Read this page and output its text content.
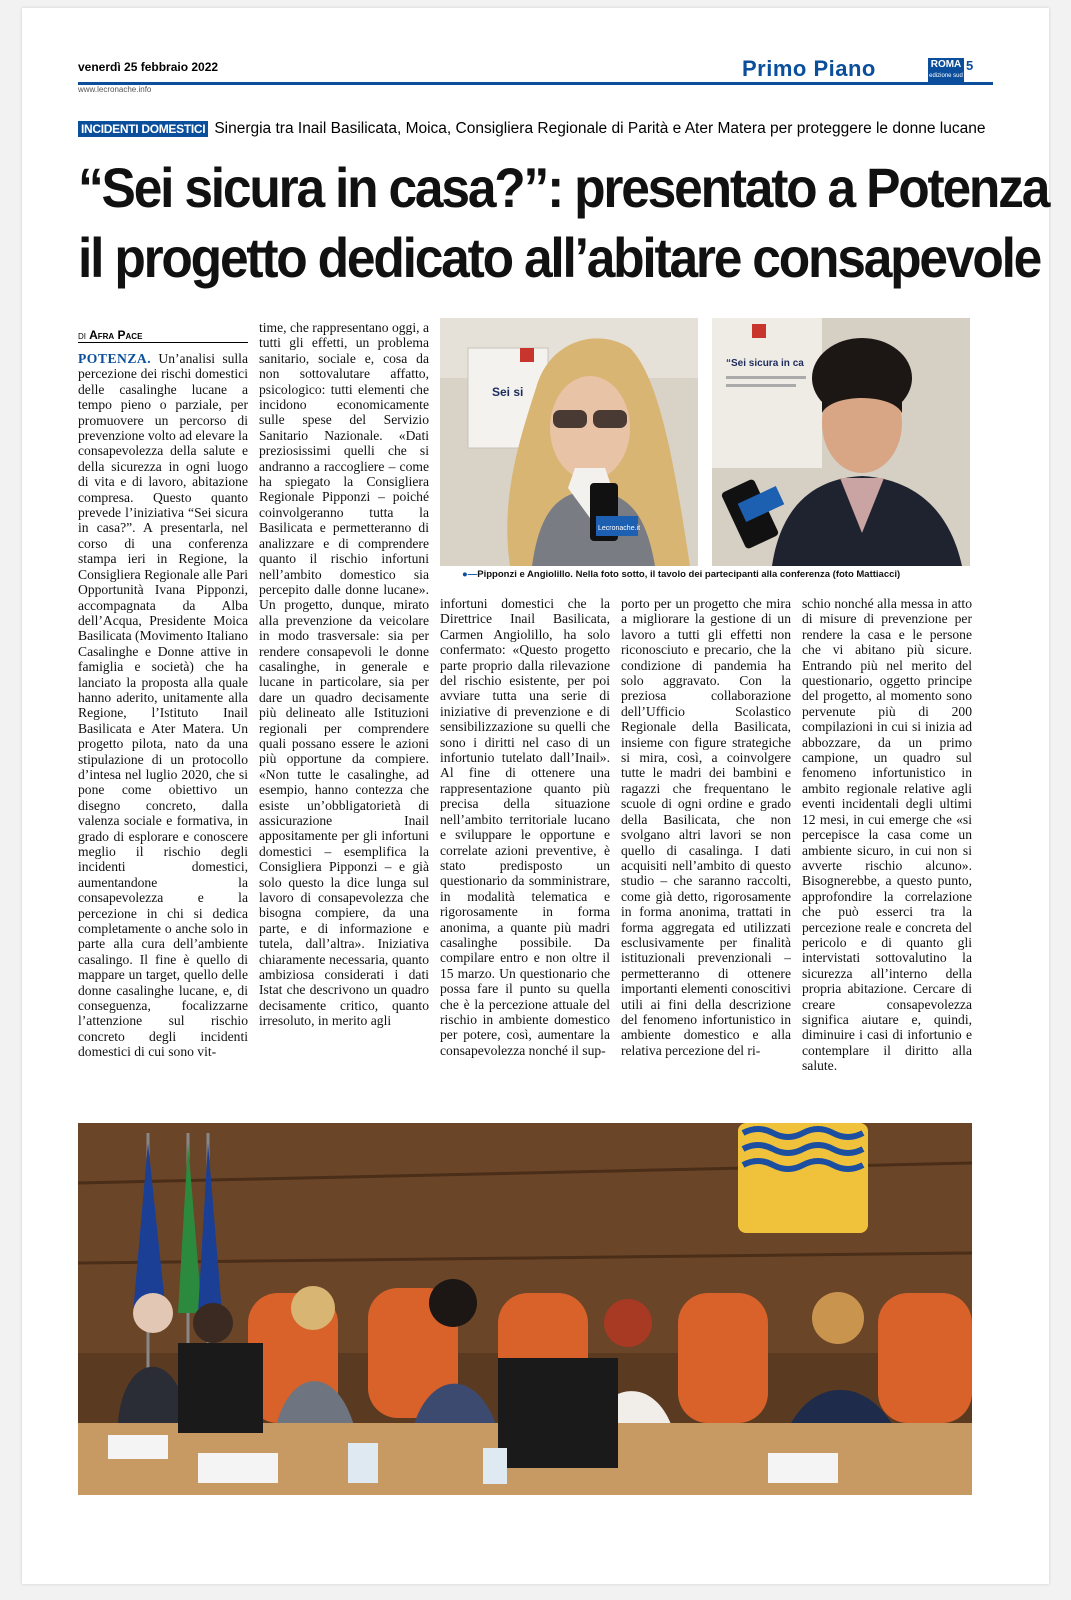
venerdì 25 febbraio 2022
www.lecronache.info
Primo Piano	ROMA
edizione sud
5
INCIDENTI DOMESTICI Sinergia tra Inail Basilicata, Moica, Consigliera Regionale di Parità e Ater Matera per proteggere le donne lucane
“Sei sicura in casa?”: presentato a Potenza
il progetto dedicato all’abitare consapevole
di Afra Pace

POTENZA. Un’analisi sulla percezione dei rischi domestici delle casalinghe lucane a tempo pieno o parziale, per promuovere un percorso di prevenzione volto ad elevare la consapevolezza della salute e della sicurezza in ogni luogo di vita e di lavoro, abitazione compresa. Questo quanto prevede l’iniziativa “Sei sicura in casa?”. A presentarla, nel corso di una conferenza stampa ieri in Regione, la Consigliera Regionale alle Pari Opportunità Ivana Pipponzi, accompagnata da Alba dell’Acqua, Presidente Moica Basilicata (Movimento Italiano Casalinghe e Donne attive in famiglia e società) che ha lanciato la proposta alla quale hanno aderito, unitamente alla Regione, l’Istituto Inail Basilicata e Ater Matera. Un progetto pilota, nato da una stipulazione di un protocollo d’intesa nel luglio 2020, che si pone come obiettivo un disegno concreto, dalla valenza sociale e formativa, in grado di esplorare e conoscere meglio il rischio degli incidenti domestici, aumentandone la consapevolezza e la percezione in chi si dedica completamente o anche solo in parte alla cura dell’ambiente casalingo. Il fine è quello di mappare un target, quello delle donne casalinghe lucane, e, di conseguenza, focalizzarne l’attenzione sul rischio concreto degli incidenti domestici di cui sono vit-

time, che rappresentano oggi, a tutti gli effetti, un problema sanitario, sociale e, cosa da non sottovalutare affatto, psicologico: tutti elementi che incidono economicamente sulle spese del Servizio Sanitario Nazionale. «Dati preziosissimi quelli che si andranno a raccogliere – come ha spiegato la Consigliera Regionale Pipponzi – poiché coinvolgeranno tutta la Basilicata e permetteranno di analizzare e di comprendere quanto il rischio infortuni nell’ambito domestico sia percepito dalle donne lucane». Un progetto, dunque, mirato alla prevenzione da veicolare in modo trasversale: sia per rendere consapevoli le donne casalinghe, in generale e lucane in particolare, sia per dare un quadro decisamente più delineato alle Istituzioni regionali per comprendere quali possano essere le azioni più opportune da compiere. «Non tutte le casalinghe, ad esempio, hanno contezza che esiste un’obbligatorietà di assicurazione Inail appositamente per gli infortuni domestici – esemplifica la Consigliera Pipponzi – e già solo questo la dice lunga sul lavoro di consapevolezza che bisogna compiere, da una parte, e di informazione e tutela, dall’altra». Iniziativa chiaramente necessaria, quanto ambiziosa considerati i dati Istat che descrivono un quadro decisamente critico, quanto irresoluto, in merito agli

Sei si
Lecronache.it
“Sei sicura in ca
●—Pipponzi e Angiolillo. Nella foto sotto, il tavolo dei partecipanti alla conferenza (foto Mattiacci)

infortuni domestici che la Direttrice Inail Basilicata, Carmen Angiolillo, ha solo confermato: «Questo progetto parte proprio dalla rilevazione del rischio esistente, per poi avviare tutta una serie di iniziative di prevenzione e di sensibilizzazione su quelli che sono i diritti nel caso di un infortunio tutelato dall’Inail». Al fine di ottenere una rappresentazione quanto più precisa della situazione nell’ambito territoriale lucano e sviluppare le opportune e correlate azioni preventive, è stato predisposto un questionario da somministrare, in modalità telematica e rigorosamente in forma anonima, a quante più madri casalinghe possibile. Da compilare entro e non oltre il 15 marzo. Un questionario che possa fare il punto su quella che è la percezione attuale del rischio in ambiente domestico per potere, così, aumentare la consapevolezza nonché il sup-

porto per un progetto che mira a migliorare la gestione di un lavoro a tutti gli effetti non riconosciuto e precario, che la condizione di pandemia ha solo aggravato. Con la preziosa collaborazione dell’Ufficio Scolastico Regionale della Basilicata, insieme con figure strategiche si mira, così, a coinvolgere tutte le madri dei bambini e ragazzi che frequentano le scuole di ogni ordine e grado della Basilicata, che non svolgano altri lavori se non quello di casalinga. I dati acquisiti nell’ambito di questo studio – che saranno raccolti, come già detto, rigorosamente in forma anonima, trattati in forma aggregata ed utilizzati esclusivamente per finalità istituzionali prevenzionali – permetteranno di ottenere importanti elementi conoscitivi utili ai fini della descrizione del fenomeno infortunistico in ambiente domestico e alla relativa percezione del ri-

schio nonché alla messa in atto di misure di prevenzione per rendere la casa e le persone che vi abitano più sicure. Entrando più nel merito del questionario, oggetto principe del progetto, al momento sono pervenute più di 200 compilazioni in cui si inizia ad abbozzare, da un primo campione, un quadro sul fenomeno infortunistico in ambito regionale relative agli eventi incidentali degli ultimi 12 mesi, in cui emerge che «si percepisce la casa come un ambiente sicuro, in cui non si avverte rischio alcuno». Bisognerebbe, a questo punto, approfondire la correlazione che può esserci tra la percezione reale e concreta del pericolo e di quanto gli intervistati sottovalutino la sicurezza all’interno della propria abitazione. Cercare di creare consapevolezza significa aiutare e, quindi, diminuire i casi di infortunio e contemplare il diritto alla salute.
